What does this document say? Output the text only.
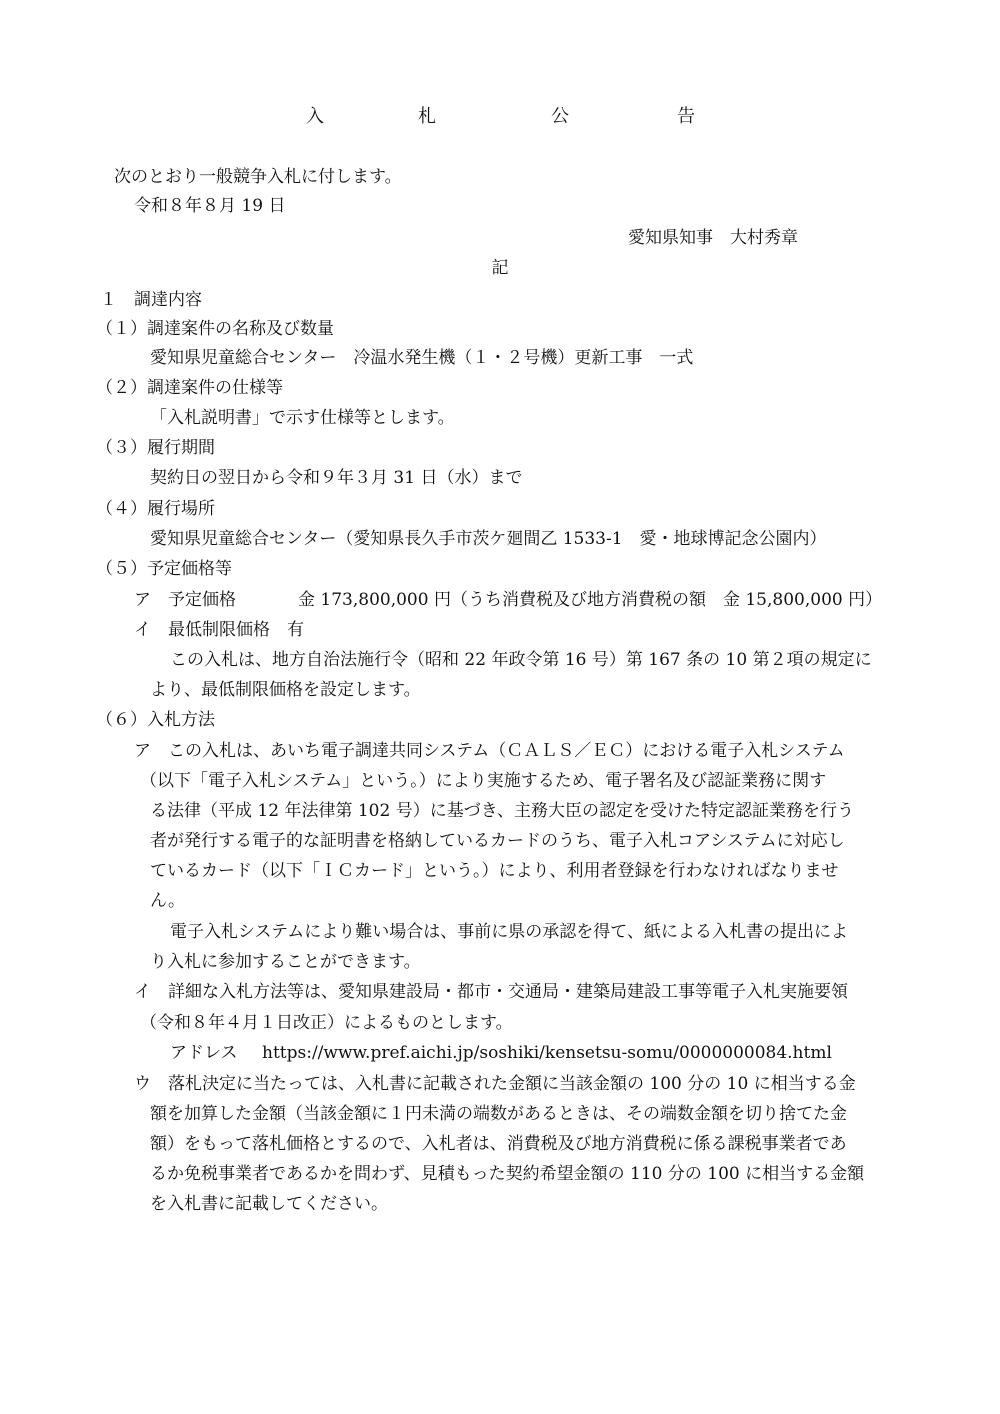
入	札	公	告
次のとおり一般競争入札に付します。
令和８年８月 19 日
愛知県知事　大村秀章
記
１　調達内容
（１）調達案件の名称及び数量
愛知県児童総合センター　冷温水発生機（１・２号機）更新工事　一式
（２）調達案件の仕様等
「入札説明書」で示す仕様等とします。
（３）履行期間
契約日の翌日から令和９年３月 31 日（水）まで
（４）履行場所
愛知県児童総合センター（愛知県長久手市茨ケ廻間乙 1533-1　愛・地球博記念公園内）
（５）予定価格等
ア　予定価格	金 173,800,000 円（うち消費税及び地方消費税の額　金 15,800,000 円）
イ　最低制限価格　有
この入札は、地方自治法施行令（昭和 22 年政令第 16 号）第 167 条の 10 第２項の規定に
より、最低制限価格を設定します。
（６）入札方法
ア　この入札は、あいち電子調達共同システム（ＣＡＬＳ／ＥＣ）における電子入札システム
（以下「電子入札システム」という。）により実施するため、電子署名及び認証業務に関す
る法律（平成 12 年法律第 102 号）に基づき、主務大臣の認定を受けた特定認証業務を行う
者が発行する電子的な証明書を格納しているカードのうち、電子入札コアシステムに対応し
ているカード（以下「ＩＣカード」という。）により、利用者登録を行わなければなりませ
ん。
電子入札システムにより難い場合は、事前に県の承認を得て、紙による入札書の提出によ
り入札に参加することができます。
イ　詳細な入札方法等は、愛知県建設局・都市・交通局・建築局建設工事等電子入札実施要領
（令和８年４月１日改正）によるものとします。
アドレス https://www.pref.aichi.jp/soshiki/kensetsu-somu/0000000084.html
ウ　落札決定に当たっては、入札書に記載された金額に当該金額の 100 分の 10 に相当する金
額を加算した金額（当該金額に１円未満の端数があるときは、その端数金額を切り捨てた金
額）をもって落札価格とするので、入札者は、消費税及び地方消費税に係る課税事業者であ
るか免税事業者であるかを問わず、見積もった契約希望金額の 110 分の 100 に相当する金額
を入札書に記載してください。
